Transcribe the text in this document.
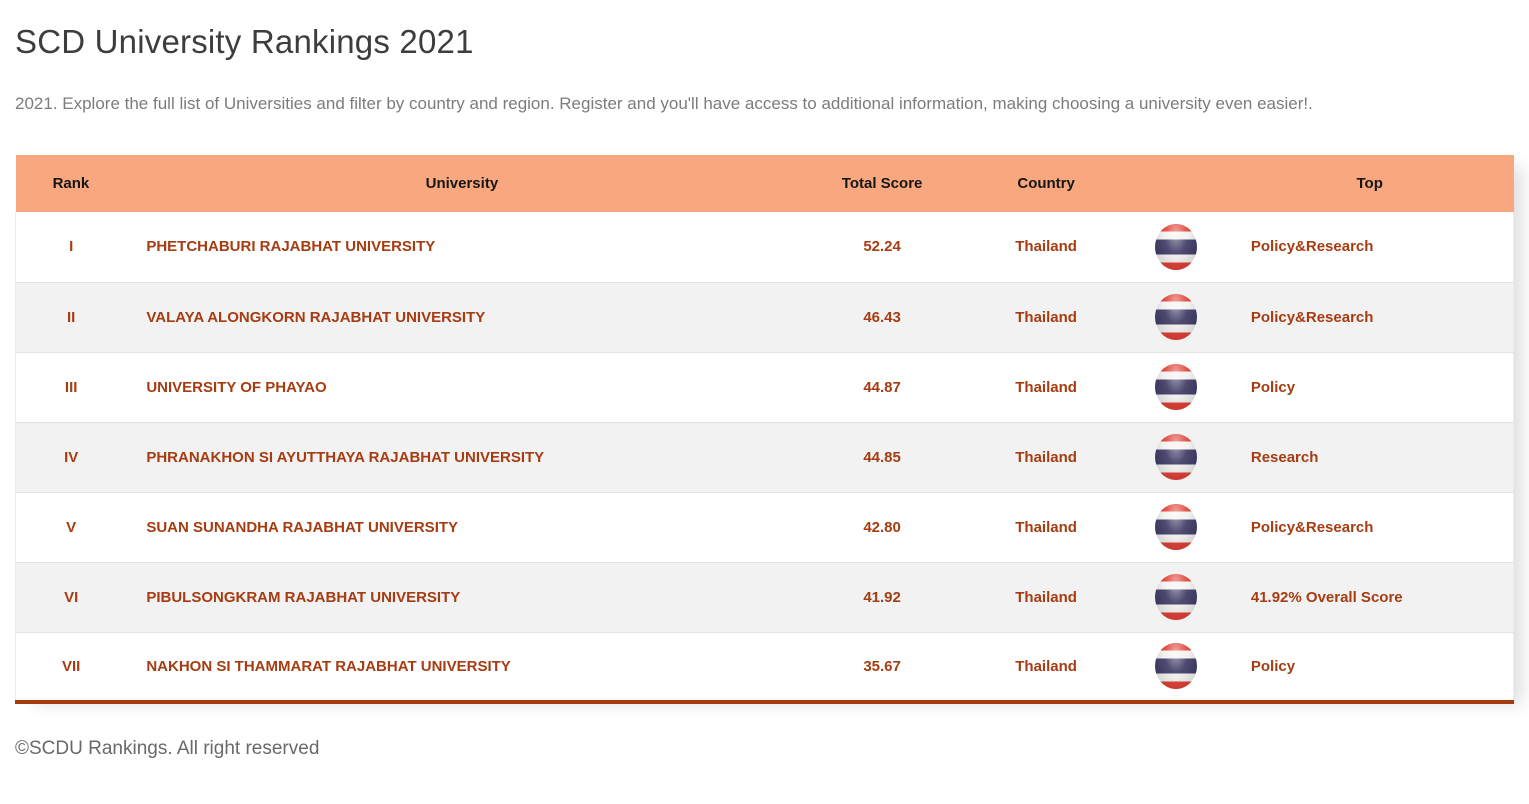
SCD University Rankings 2021

2021. Explore the full list of Universities and filter by country and region. Register and you'll have access to additional information, making choosing a university even easier!.

Rank	University	Total Score	Country		Top
I	PHETCHABURI RAJABHAT UNIVERSITY	52.24	Thailand		Policy&Research
II	VALAYA ALONGKORN RAJABHAT UNIVERSITY	46.43	Thailand		Policy&Research
III	UNIVERSITY OF PHAYAO	44.87	Thailand		Policy
IV	PHRANAKHON SI AYUTTHAYA RAJABHAT UNIVERSITY	44.85	Thailand		Research
V	SUAN SUNANDHA RAJABHAT UNIVERSITY	42.80	Thailand		Policy&Research
VI	PIBULSONGKRAM RAJABHAT UNIVERSITY	41.92	Thailand		41.92% Overall Score
VII	NAKHON SI THAMMARAT RAJABHAT UNIVERSITY	35.67	Thailand		Policy

©SCDU Rankings. All right reserved
